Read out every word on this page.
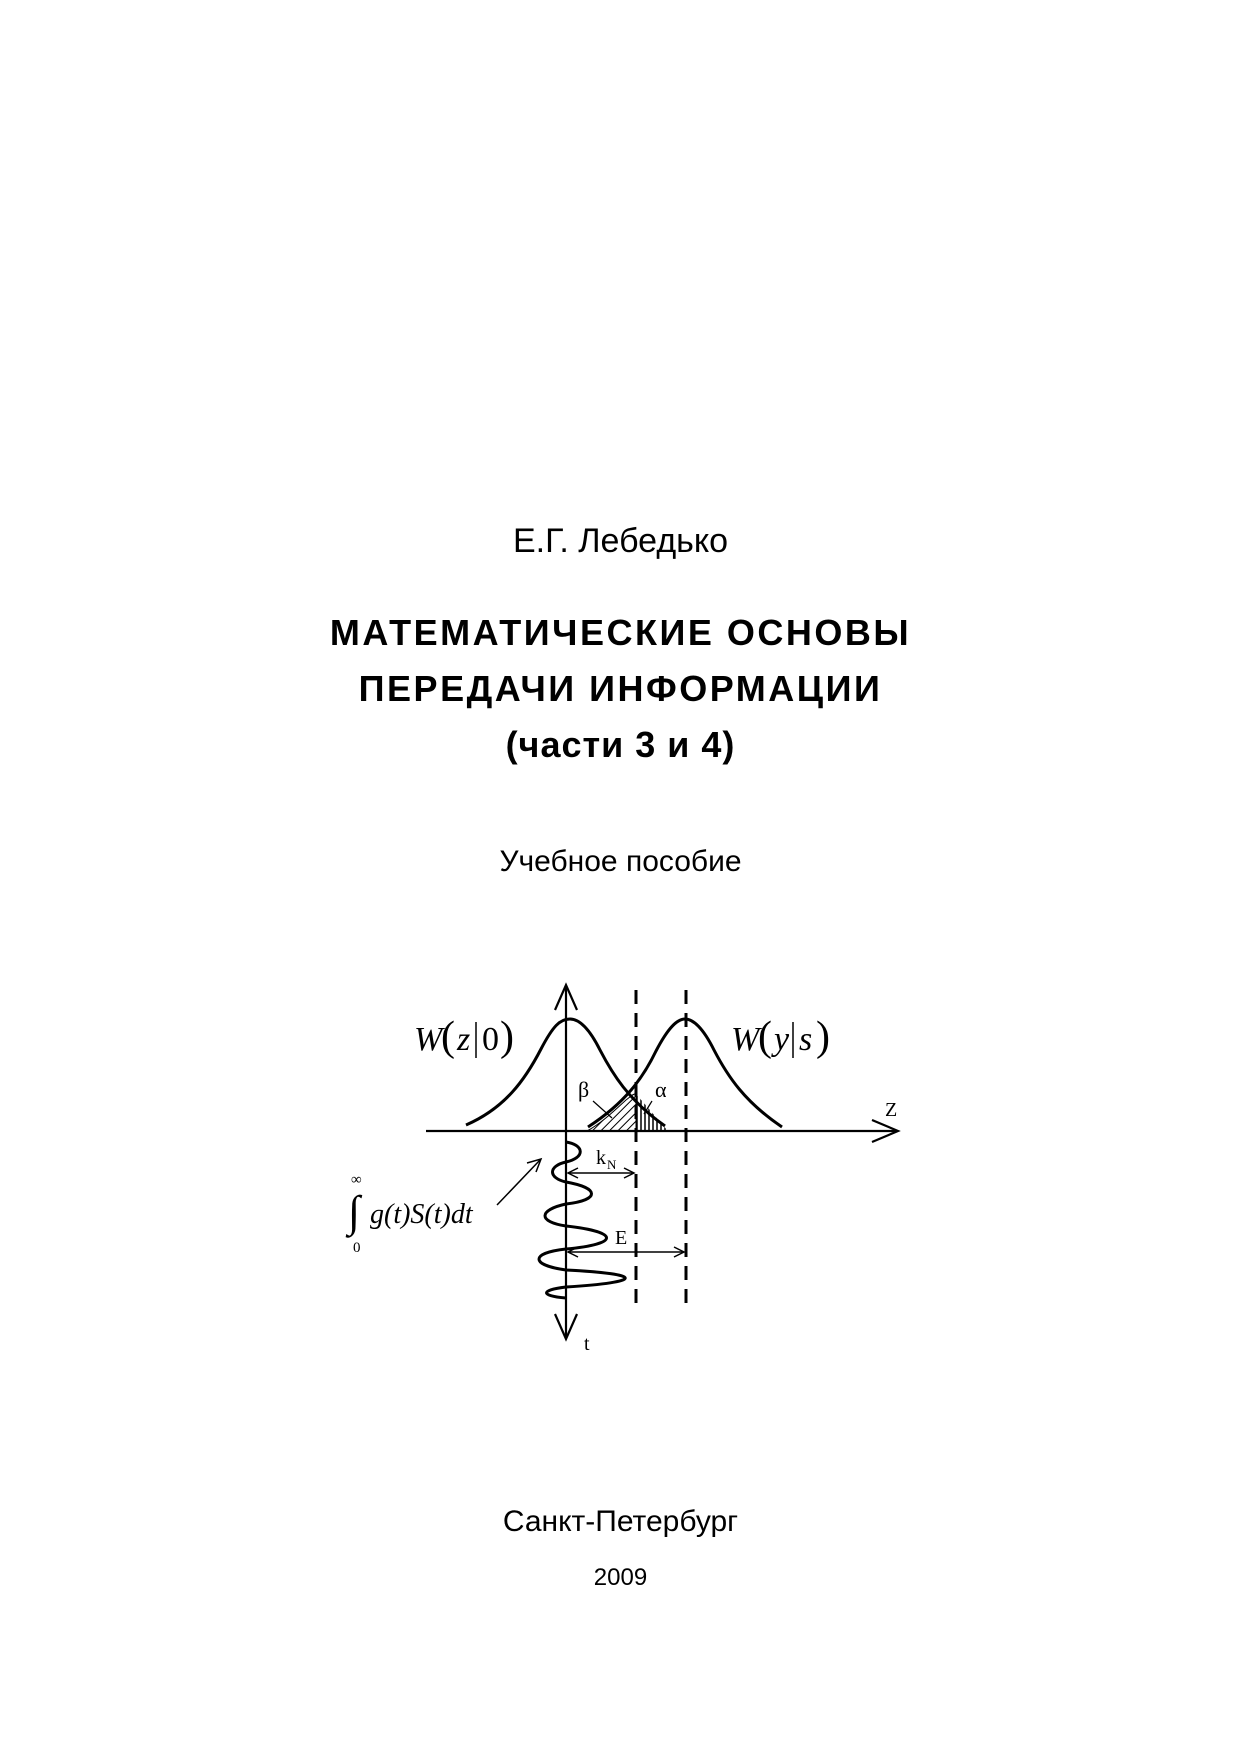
Е.Г. Лебедько
МАТЕМАТИЧЕСКИЕ ОСНОВЫ
ПЕРЕДАЧИ ИНФОРМАЦИИ
(части 3 и 4)
Учебное пособие
W
( z 0 )	W
( y s )
β	α
Z
t
k N
E
∞
∫
0
g(t)S(t)dt
Санкт-Петербург
2009
